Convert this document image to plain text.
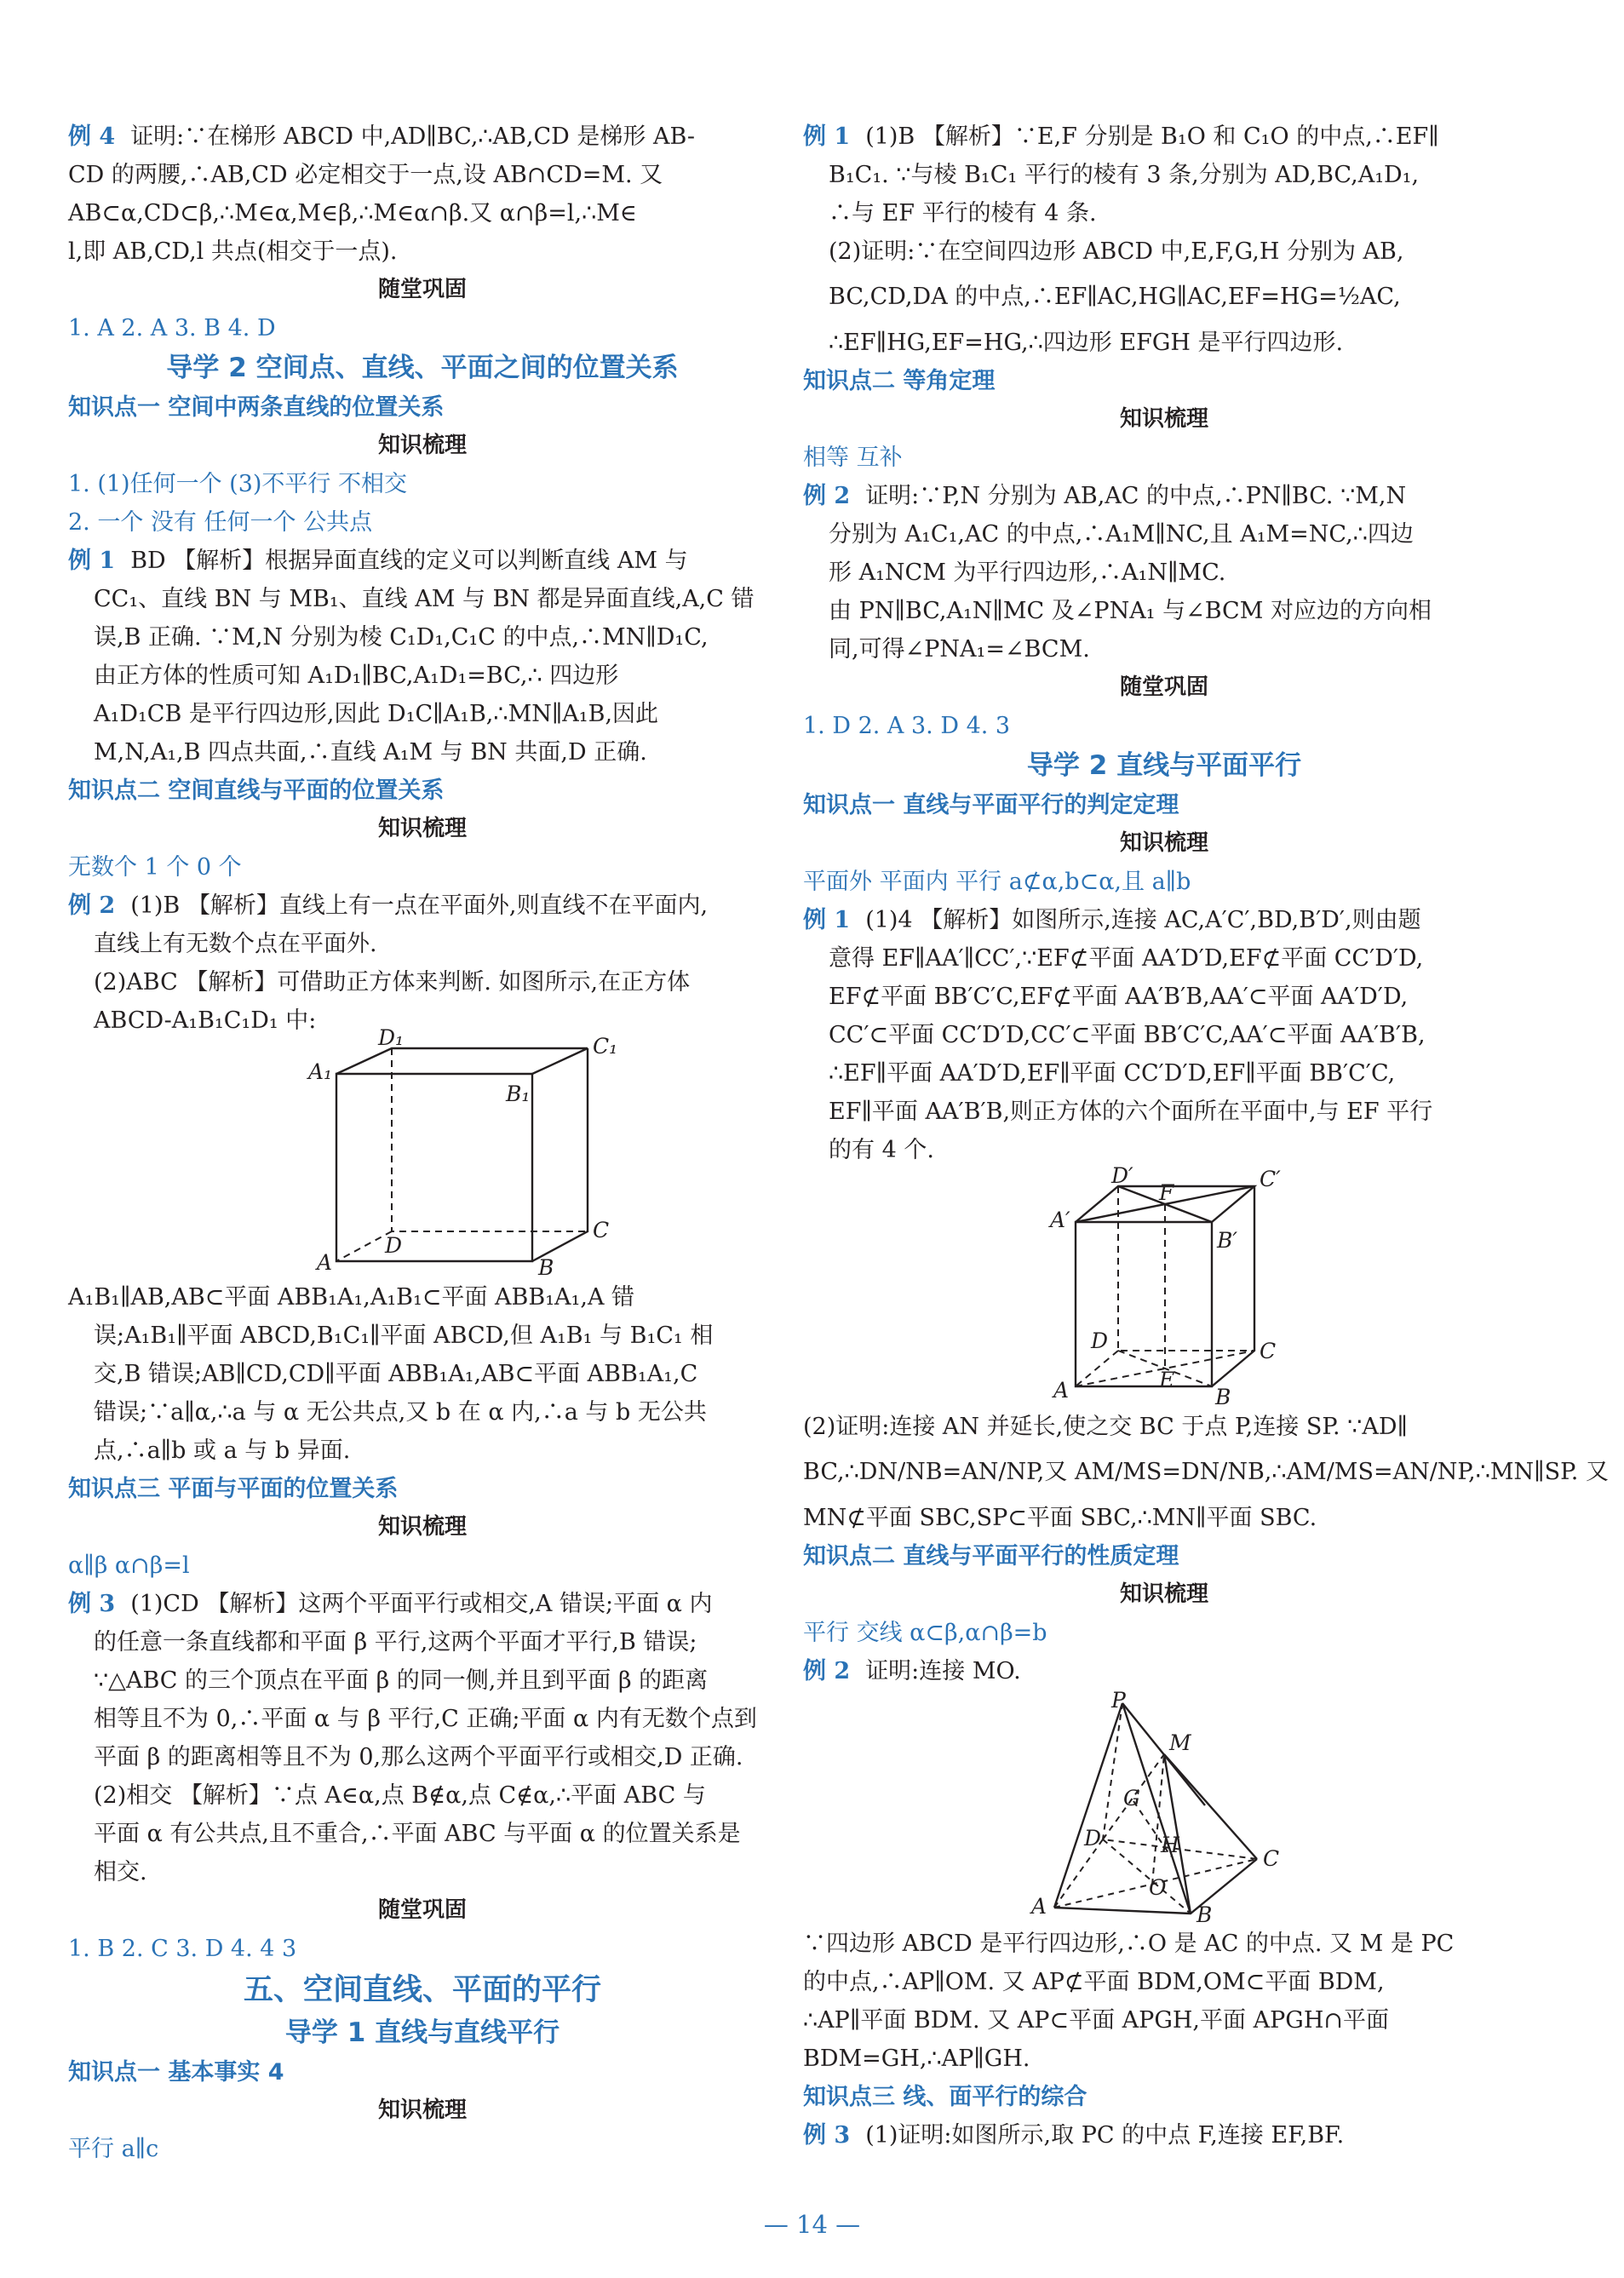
例 4 证明:∵在梯形 ABCD 中,AD∥BC,∴AB,CD 是梯形 AB-
CD 的两腰,∴AB,CD 必定相交于一点,设 AB∩CD=M. 又
AB⊂α,CD⊂β,∴M∈α,M∈β,∴M∈α∩β.又 α∩β=l,∴M∈
l,即 AB,CD,l 共点(相交于一点).
随堂巩固
1. A 2. A 3. B 4. D
导学 2 空间点、直线、平面之间的位置关系
知识点一 空间中两条直线的位置关系
知识梳理
1. (1)任何一个 (3)不平行 不相交
2. 一个 没有 任何一个 公共点
例 1 BD 【解析】根据异面直线的定义可以判断直线 AM 与
CC₁、直线 BN 与 MB₁、直线 AM 与 BN 都是异面直线,A,C 错
误,B 正确. ∵M,N 分别为棱 C₁D₁,C₁C 的中点,∴MN∥D₁C,
由正方体的性质可知 A₁D₁∥BC,A₁D₁=BC,∴ 四边形
A₁D₁CB 是平行四边形,因此 D₁C∥A₁B,∴MN∥A₁B,因此
M,N,A₁,B 四点共面,∴直线 A₁M 与 BN 共面,D 正确.
知识点二 空间直线与平面的位置关系
知识梳理
无数个 1 个 0 个
例 2 (1)B 【解析】直线上有一点在平面外,则直线不在平面内,
直线上有无数个点在平面外.
(2)ABC 【解析】可借助正方体来判断. 如图所示,在正方体
ABCD-A₁B₁C₁D₁ 中:
D₁	C₁
A₁
B₁
D
C
A	B
A₁B₁∥AB,AB⊂平面 ABB₁A₁,A₁B₁⊂平面 ABB₁A₁,A 错
误;A₁B₁∥平面 ABCD,B₁C₁∥平面 ABCD,但 A₁B₁ 与 B₁C₁ 相
交,B 错误;AB∥CD,CD∥平面 ABB₁A₁,AB⊂平面 ABB₁A₁,C
错误;∵a∥α,∴a 与 α 无公共点,又 b 在 α 内,∴a 与 b 无公共
点,∴a∥b 或 a 与 b 异面.
知识点三 平面与平面的位置关系
知识梳理
α∥β α∩β=l
例 3 (1)CD 【解析】这两个平面平行或相交,A 错误;平面 α 内
的任意一条直线都和平面 β 平行,这两个平面才平行,B 错误;
∵△ABC 的三个顶点在平面 β 的同一侧,并且到平面 β 的距离
相等且不为 0,∴平面 α 与 β 平行,C 正确;平面 α 内有无数个点到
平面 β 的距离相等且不为 0,那么这两个平面平行或相交,D 正确.
(2)相交 【解析】∵点 A∈α,点 B∉α,点 C∉α,∴平面 ABC 与
平面 α 有公共点,且不重合,∴平面 ABC 与平面 α 的位置关系是
相交.
随堂巩固
1. B 2. C 3. D 4. 4 3
五、空间直线、平面的平行
导学 1 直线与直线平行
知识点一 基本事实 4
知识梳理
平行 a∥c
例 1 (1)B 【解析】∵E,F 分别是 B₁O 和 C₁O 的中点,∴EF∥
B₁C₁. ∵与棱 B₁C₁ 平行的棱有 3 条,分别为 AD,BC,A₁D₁,
∴与 EF 平行的棱有 4 条.
(2)证明:∵在空间四边形 ABCD 中,E,F,G,H 分别为 AB,
BC,CD,DA 的中点,∴EF∥AC,HG∥AC,EF=HG=½AC,
∴EF∥HG,EF=HG,∴四边形 EFGH 是平行四边形.
知识点二 等角定理
知识梳理
相等 互补
例 2 证明:∵P,N 分别为 AB,AC 的中点,∴PN∥BC. ∵M,N
分别为 A₁C₁,AC 的中点,∴A₁M∥NC,且 A₁M=NC,∴四边
形 A₁NCM 为平行四边形,∴A₁N∥MC.
由 PN∥BC,A₁N∥MC 及∠PNA₁ 与∠BCM 对应边的方向相
同,可得∠PNA₁=∠BCM.
随堂巩固
1. D 2. A 3. D 4. 3
导学 2 直线与平面平行
知识点一 直线与平面平行的判定定理
知识梳理
平面外 平面内 平行 a⊄α,b⊂α,且 a∥b
例 1 (1)4 【解析】如图所示,连接 AC,A′C′,BD,B′D′,则由题
意得 EF∥AA′∥CC′,∵EF⊄平面 AA′D′D,EF⊄平面 CC′D′D,
EF⊄平面 BB′C′C,EF⊄平面 AA′B′B,AA′⊂平面 AA′D′D,
CC′⊂平面 CC′D′D,CC′⊂平面 BB′C′C,AA′⊂平面 AA′B′B,
∴EF∥平面 AA′D′D,EF∥平面 CC′D′D,EF∥平面 BB′C′C,
EF∥平面 AA′B′B,则正方体的六个面所在平面中,与 EF 平行
的有 4 个.
D′
F
C′
A′
B′
D	C
E
A	B
(2)证明:连接 AN 并延长,使之交 BC 于点 P,连接 SP. ∵AD∥
BC,∴DN/NB=AN/NP,又 AM/MS=DN/NB,∴AM/MS=AN/NP,∴MN∥SP. 又
MN⊄平面 SBC,SP⊂平面 SBC,∴MN∥平面 SBC.
知识点二 直线与平面平行的性质定理
知识梳理
平行 交线 α⊂β,α∩β=b
例 2 证明:连接 MO.
P
M
G
D	H
C
O
A	B
∵四边形 ABCD 是平行四边形,∴O 是 AC 的中点. 又 M 是 PC
的中点,∴AP∥OM. 又 AP⊄平面 BDM,OM⊂平面 BDM,
∴AP∥平面 BDM. 又 AP⊂平面 APGH,平面 APGH∩平面
BDM=GH,∴AP∥GH.
知识点三 线、面平行的综合
例 3 (1)证明:如图所示,取 PC 的中点 F,连接 EF,BF.
— 14 —
